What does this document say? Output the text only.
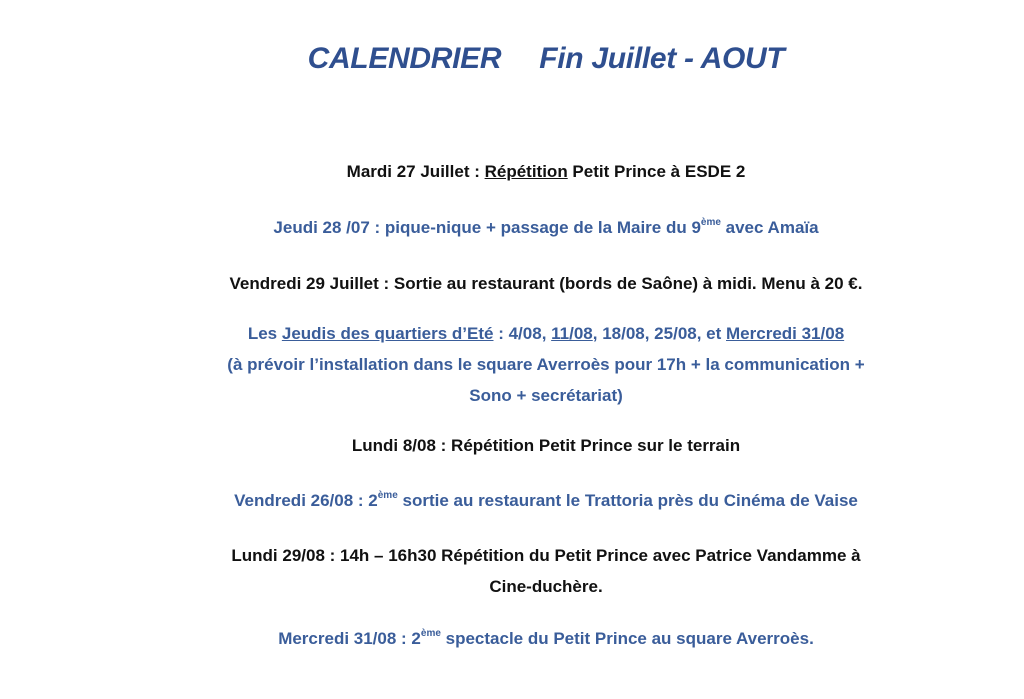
CALENDRIER Fin Juillet - AOUT
Mardi 27 Juillet : Répétition Petit Prince à ESDE 2
Jeudi 28 /07 : pique-nique + passage de la Maire du 9ème avec Amaïa
Vendredi 29 Juillet : Sortie au restaurant (bords de Saône) à midi. Menu à 20 €.
Les Jeudis des quartiers d’Eté : 4/08, 11/08, 18/08, 25/08, et Mercredi 31/08
(à prévoir l’installation dans le square Averroès pour 17h + la communication +
Sono + secrétariat)
Lundi 8/08 : Répétition Petit Prince sur le terrain
Vendredi 26/08 : 2ème sortie au restaurant le Trattoria près du Cinéma de Vaise
Lundi 29/08 : 14h – 16h30 Répétition du Petit Prince avec Patrice Vandamme à
Cine-duchère.
Mercredi 31/08 : 2ème spectacle du Petit Prince au square Averroès.
